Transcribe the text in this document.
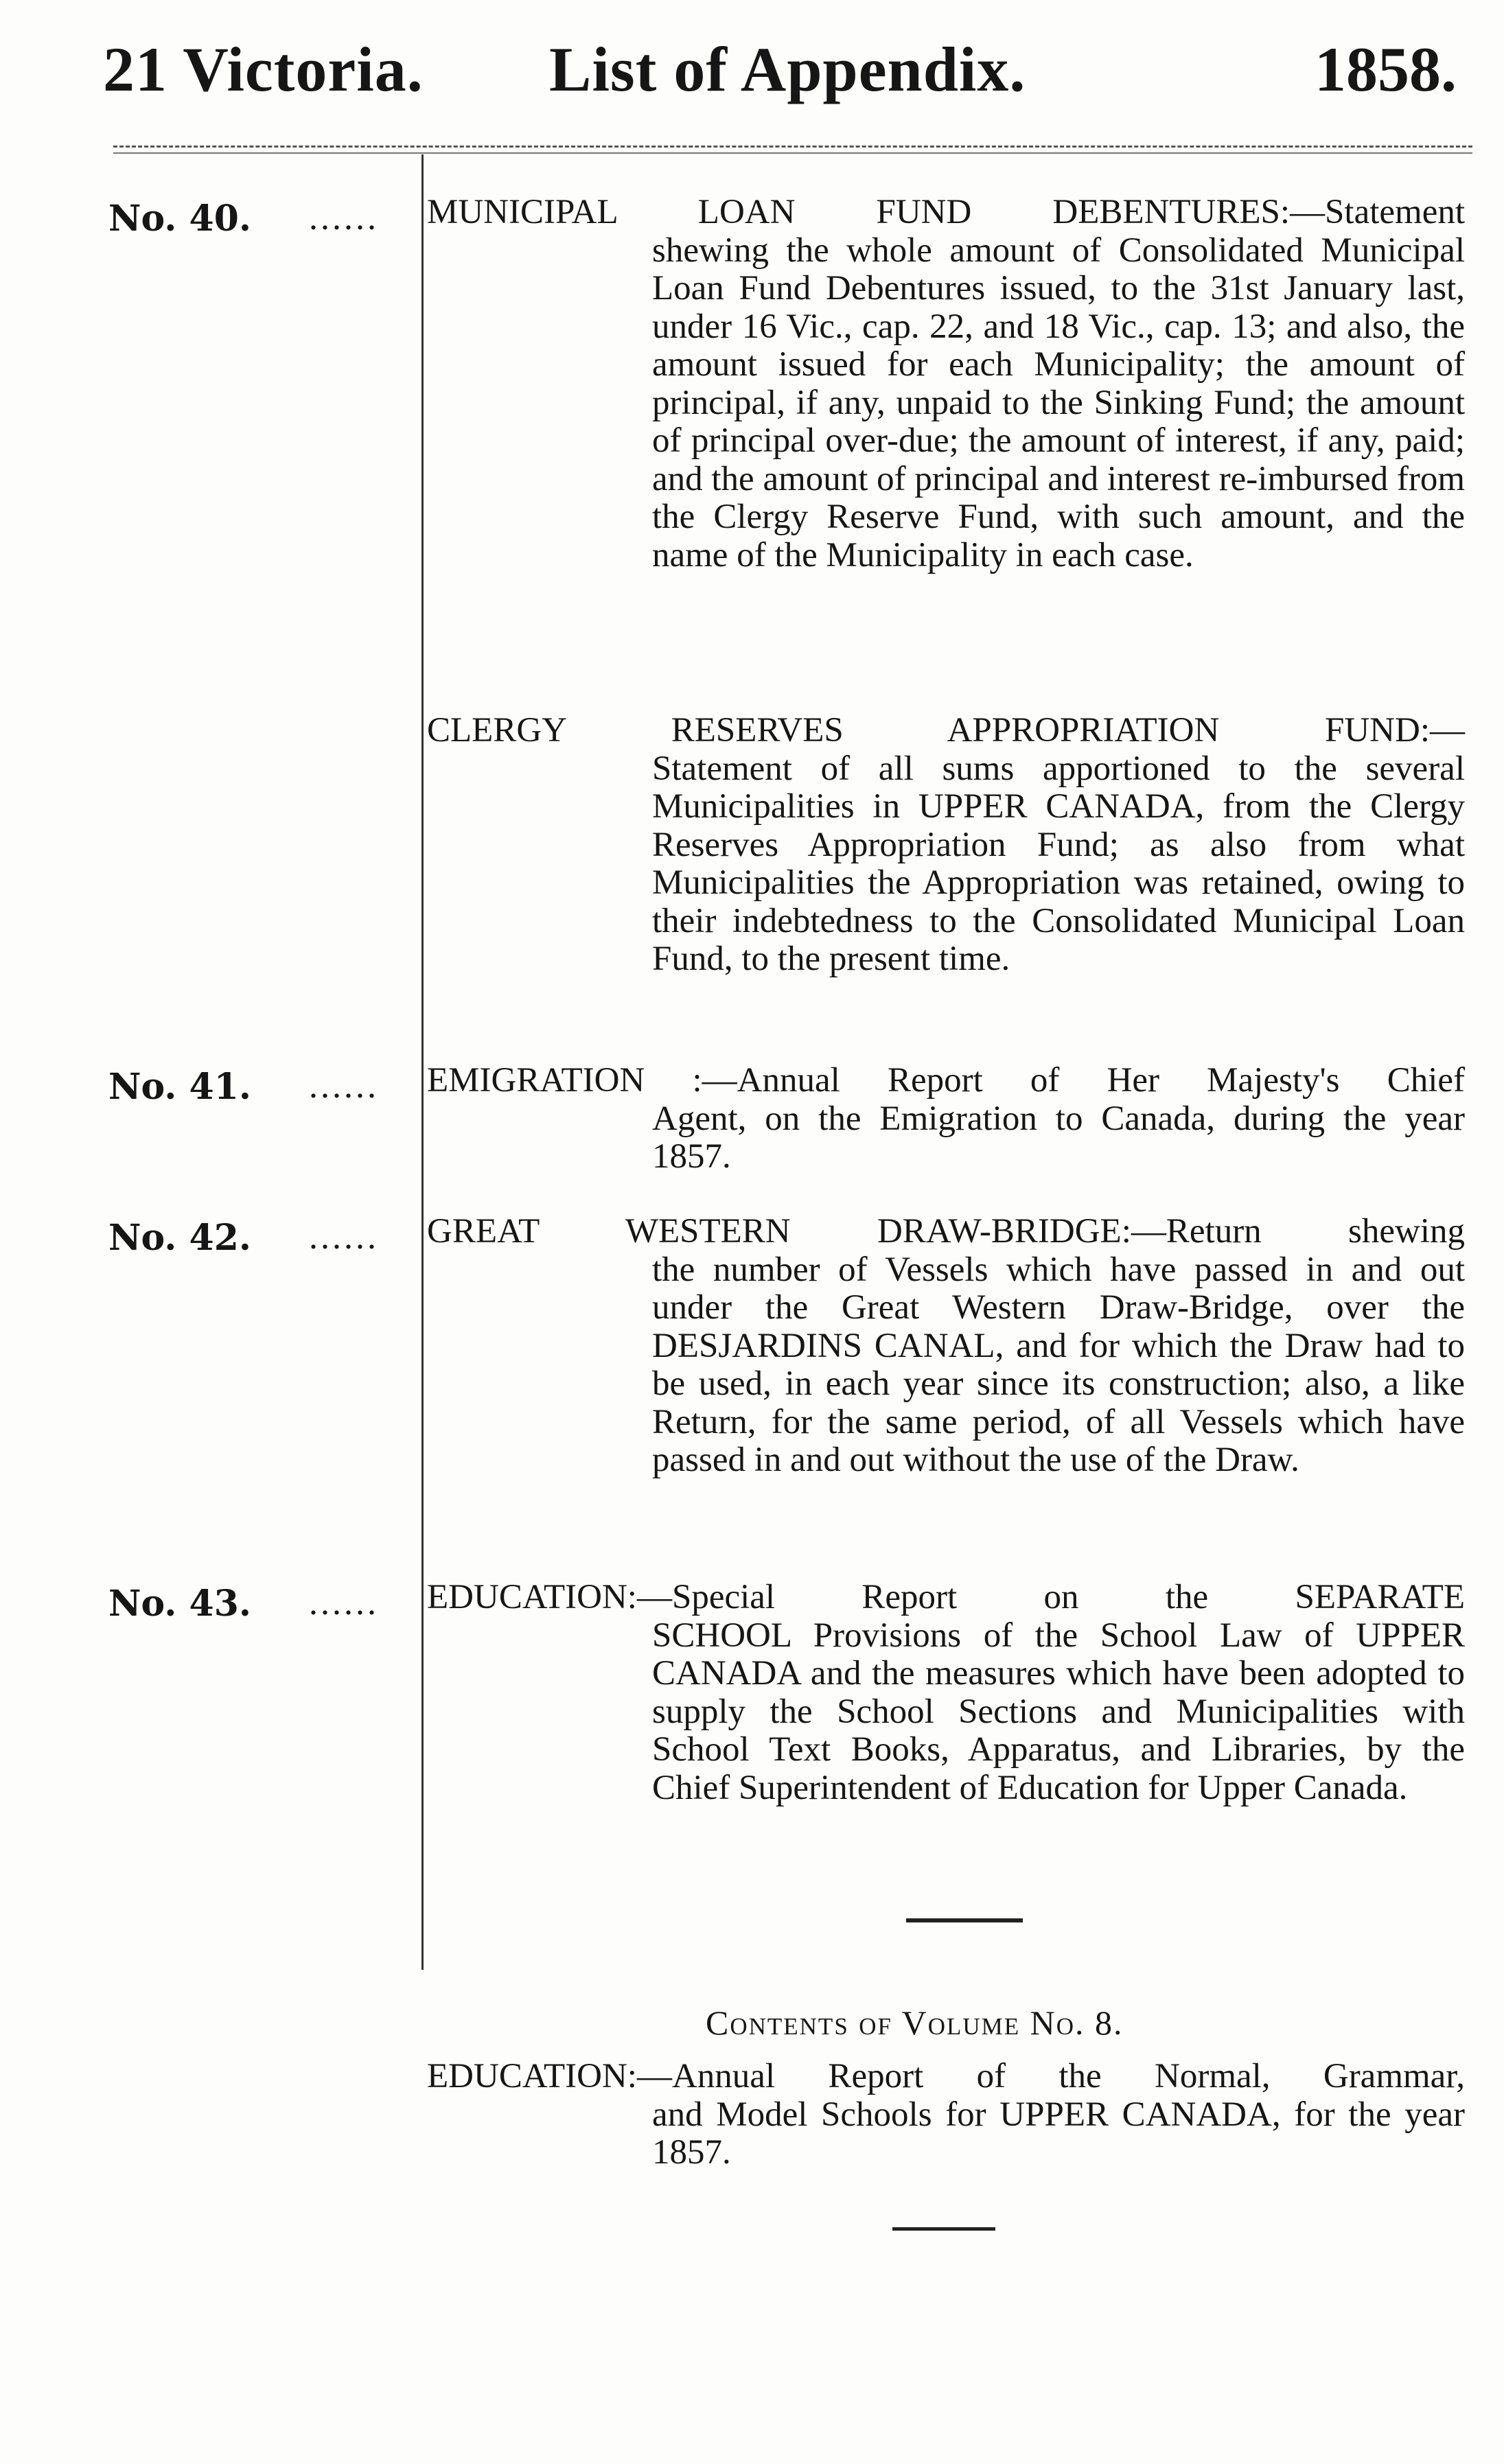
21 Victoria. List of Appendix.	1858.
No. 40. ...... MUNICIPAL LOAN FUND DEBENTURES:—Statement
shewing the whole amount of Consolidated Municipal Loan Fund Debentures issued, to the 31st January last, under 16 Vic., cap. 22, and 18 Vic., cap. 13; and also, the amount issued for each Municipality; the amount of principal, if any, unpaid to the Sinking Fund; the amount of principal over-due; the amount of interest, if any, paid; and the amount of principal and interest re-imbursed from the Clergy Reserve Fund, with such amount, and the name of the Municipality in each case.
CLERGY RESERVES APPROPRIATION FUND:—
Statement of all sums apportioned to the several Municipalities in UPPER CANADA, from the Clergy Reserves Appropriation Fund; as also from what Municipalities the Appropriation was retained, owing to their indebtedness to the Consolidated Municipal Loan Fund, to the present time.
No. 41. ...... EMIGRATION :—Annual Report of Her Majesty's Chief
Agent, on the Emigration to Canada, during the year 1857.
No. 42. ...... GREAT WESTERN DRAW-BRIDGE:—Return shewing
the number of Vessels which have passed in and out under the Great Western Draw-Bridge, over the DESJARDINS CANAL, and for which the Draw had to be used, in each year since its construction; also, a like Return, for the same period, of all Vessels which have passed in and out without the use of the Draw.
No. 43. ...... EDUCATION:—Special Report on the SEPARATE
SCHOOL Provisions of the School Law of UPPER CANADA and the measures which have been adopted to supply the School Sections and Municipalities with School Text Books, Apparatus, and Libraries, by the Chief Superintendent of Education for Upper Canada.
Contents of Volume No. 8.
EDUCATION:—Annual Report of the Normal, Grammar,
and Model Schools for UPPER CANADA, for the year 1857.
